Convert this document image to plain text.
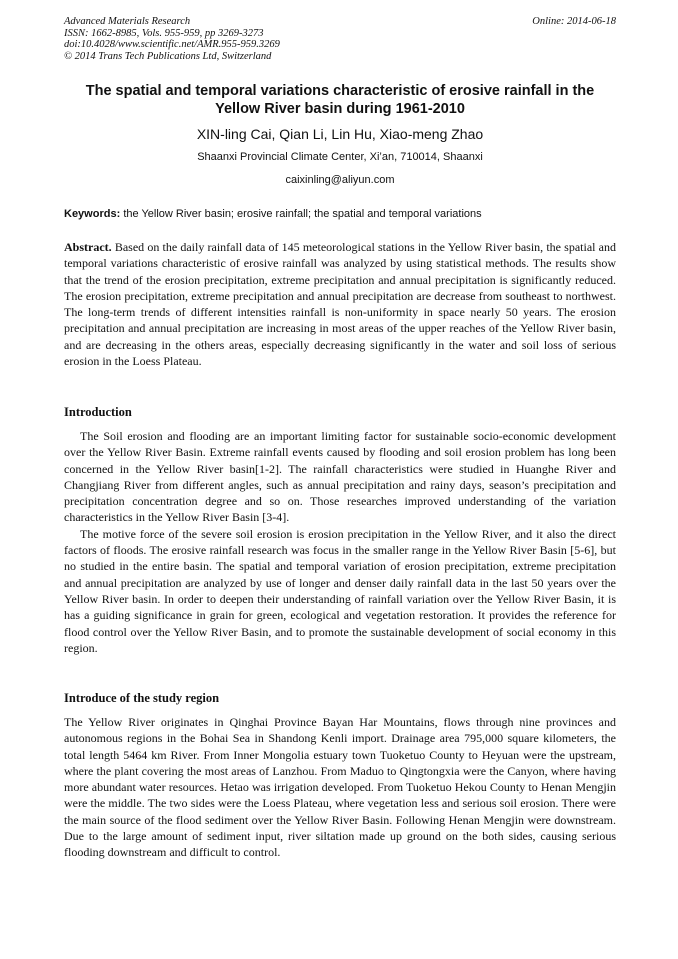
Advanced Materials Research
ISSN: 1662-8985, Vols. 955-959, pp 3269-3273
doi:10.4028/www.scientific.net/AMR.955-959.3269
© 2014 Trans Tech Publications Ltd, Switzerland
Online: 2014-06-18
The spatial and temporal variations characteristic of erosive rainfall in the Yellow River basin during 1961-2010
XIN-ling Cai, Qian Li, Lin Hu, Xiao-meng Zhao
Shaanxi Provincial Climate Center, Xi’an, 710014, Shaanxi
caixinling@aliyun.com
Keywords: the Yellow River basin; erosive rainfall; the spatial and temporal variations

Abstract. Based on the daily rainfall data of 145 meteorological stations in the Yellow River basin, the spatial and temporal variations characteristic of erosive rainfall was analyzed by using statistical methods. The results show that the trend of the erosion precipitation, extreme precipitation and annual precipitation is significantly reduced. The erosion precipitation, extreme precipitation and annual precipitation are decrease from southeast to northwest. The long-term trends of different intensities rainfall is non-uniformity in space nearly 50 years. The erosion precipitation and annual precipitation are increasing in most areas of the upper reaches of the Yellow River basin, and are decreasing in the others areas, especially decreasing significantly in the water and soil loss of serious erosion in the Loess Plateau.

Introduction

The Soil erosion and flooding are an important limiting factor for sustainable socio-economic development over the Yellow River Basin. Extreme rainfall events caused by flooding and soil erosion problem has long been concerned in the Yellow River basin[1-2]. The rainfall characteristics were studied in Huanghe River and Changjiang River from different angles, such as annual precipitation and rainy days, season’s precipitation and precipitation concentration degree and so on. Those researches improved understanding of the variation characteristics in the Yellow River Basin [3-4].

The motive force of the severe soil erosion is erosion precipitation in the Yellow River, and it also the direct factors of floods. The erosive rainfall research was focus in the smaller range in the Yellow River Basin [5-6], but no studied in the entire basin. The spatial and temporal variation of erosion precipitation, extreme precipitation and annual precipitation are analyzed by use of longer and denser daily rainfall data in the last 50 years over the Yellow River basin. In order to deepen their understanding of rainfall variation over the Yellow River Basin, it is has a guiding significance in grain for green, ecological and vegetation restoration. It provides the reference for flood control over the Yellow River Basin, and to promote the sustainable development of social economy in this region.

Introduce of the study region

The Yellow River originates in Qinghai Province Bayan Har Mountains, flows through nine provinces and autonomous regions in the Bohai Sea in Shandong Kenli import. Drainage area 795,000 square kilometers, the total length 5464 km River. From Inner Mongolia estuary town Tuoketuo County to Heyuan were the upstream, where the plant covering the most areas of Lanzhou. From Maduo to Qingtongxia were the Canyon, where having more abundant water resources. Hetao was irrigation developed. From Tuoketuo Hekou County to Henan Mengjin were the middle. The two sides were the Loess Plateau, where vegetation less and serious soil erosion. There were the main source of the flood sediment over the Yellow River Basin. Following Henan Mengjin were downstream. Due to the large amount of sediment input, river siltation made up ground on the both sides, causing serious flooding downstream and difficult to control.
